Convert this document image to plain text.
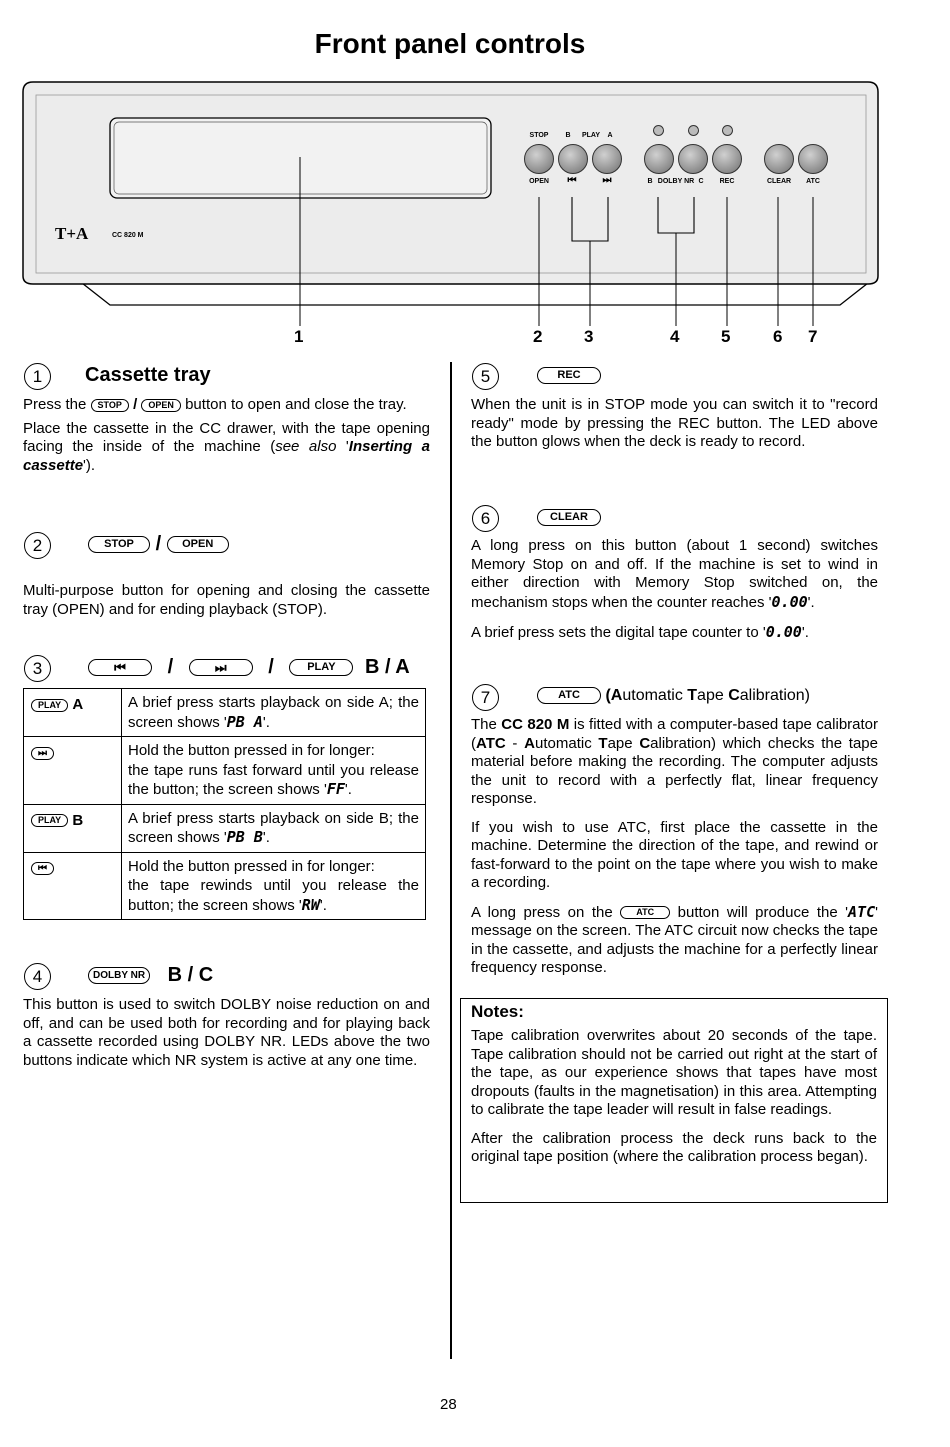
Front panel controls
T+A	CC 820 M
STOP	B	PLAY	A
OPEN	⏮	⏭	B DOLBY NR C	REC	CLEAR	ATC
1	2 3	4 5	6 7
1	Cassette tray

Press the STOP / OPEN button to open and close the tray.

Place the cassette in the CC drawer, with the tape opening facing the inside of the machine (see also 'Inserting a cassette').

2	STOP / OPEN

Multi-purpose button for opening and closing the cassette tray (OPEN) and for ending playback (STOP).

3	⏮ /	⏭ /	PLAY B / A
PLAY A	A brief press starts playback on side A; the screen shows 'PB A'.
⏭	Hold the button pressed in for longer:
the tape runs fast forward until you release the button; the screen shows 'FF'.
PLAY B	A brief press starts playback on side B; the screen shows 'PB B'.
⏮	Hold the button pressed in for longer:
the tape rewinds until you release the button; the screen shows 'RW'.
4	DOLBY NR B / C

This button is used to switch DOLBY noise reduction on and off, and can be used both for recording and for playing back a cassette recorded using DOLBY NR. LEDs above the two buttons indicate which NR system is active at any one time.

5	REC

When the unit is in STOP mode you can switch it to "record ready" mode by pressing the REC button. The LED above the button glows when the deck is ready to record.

6	CLEAR

A long press on this button (about 1 second) switches Memory Stop on and off. If the machine is set to wind in either direction with Memory Stop switched on, the mechanism stops when the counter reaches '0.00'.

A brief press sets the digital tape counter to '0.00'.

7	ATC (Automatic Tape Calibration)

The CC 820 M is fitted with a computer-based tape calibrator (ATC - Automatic Tape Calibration) which checks the tape material before making the recording. The computer adjusts the unit to record with a perfectly flat, linear frequency response.

If you wish to use ATC, first place the cassette in the machine. Determine the direction of the tape, and rewind or fast-forward to the point on the tape where you wish to make a recording.

A long press on the	ATC button will produce the 'ATC' message on the screen. The ATC circuit now checks the tape in the cassette, and adjusts the machine for a perfectly linear frequency response.

Notes:

Tape calibration overwrites about 20 seconds of the tape. Tape calibration should not be carried out right at the start of the tape, as our experience shows that tapes have most dropouts (faults in the magnetisation) in this area. Attempting to calibrate the tape leader will result in false readings.

After the calibration process the deck runs back to the original tape position (where the calibration process began).

28
